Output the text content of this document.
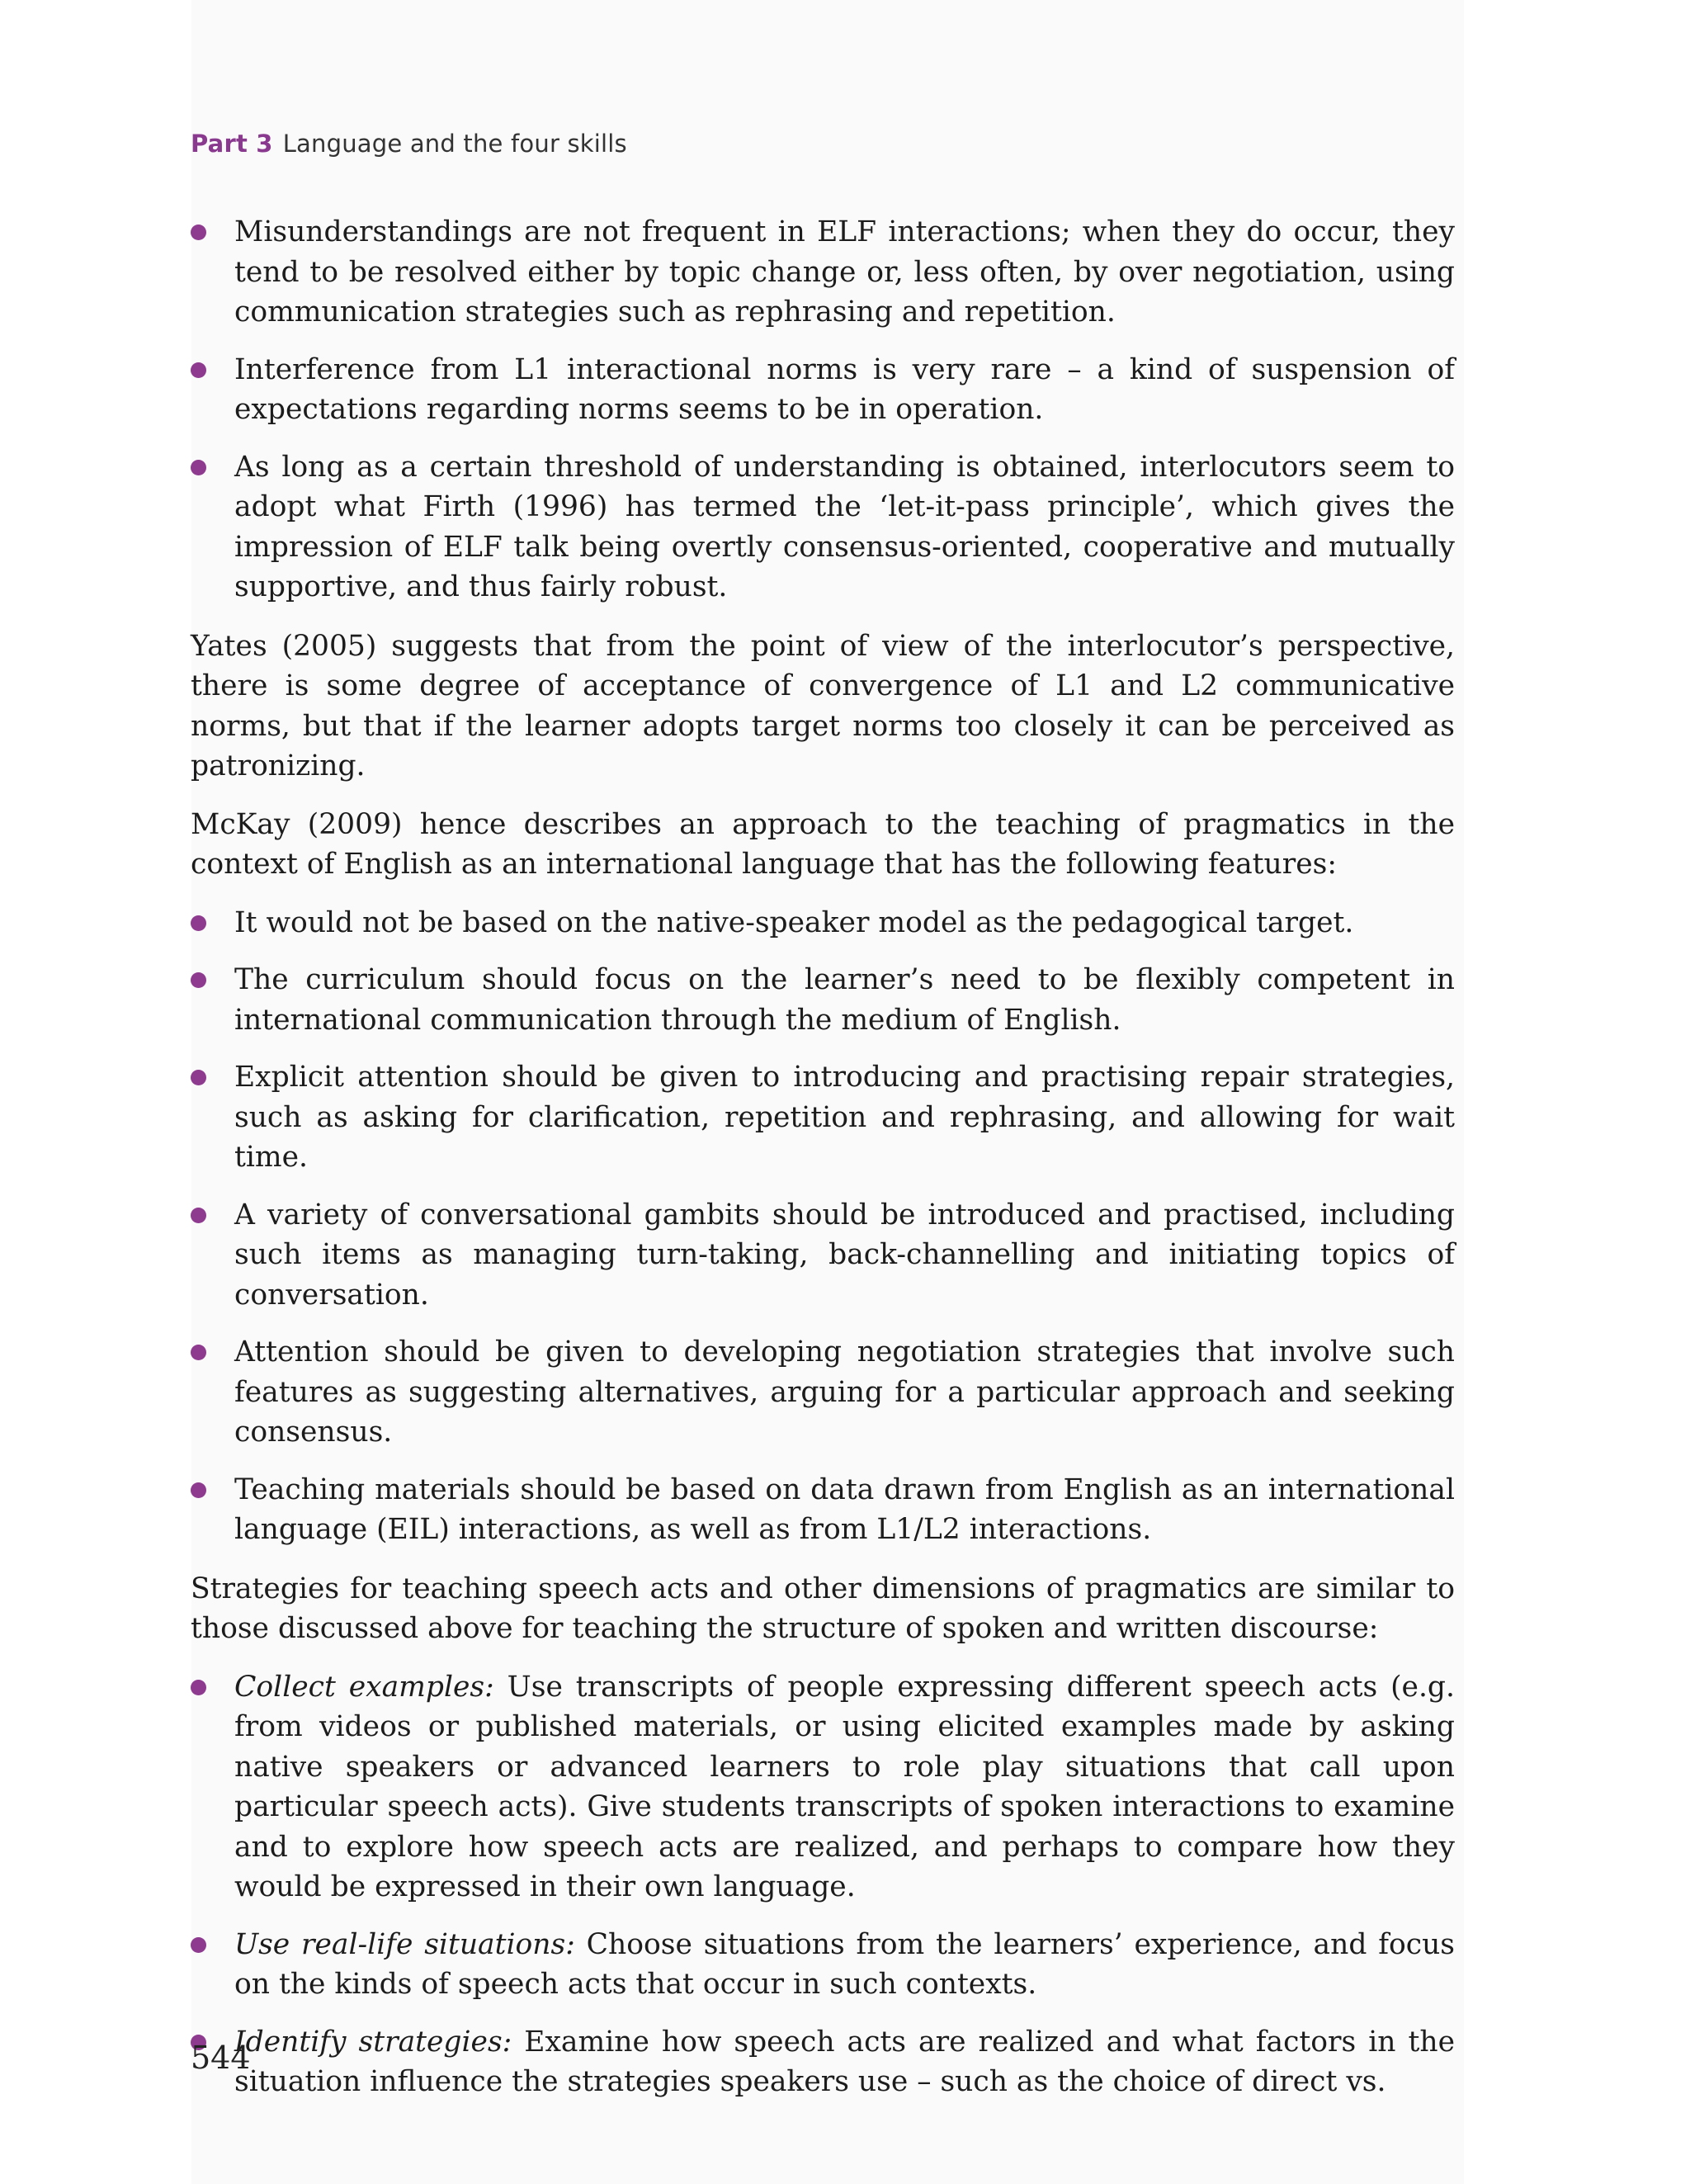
Part 3 Language and the four skills
Misunderstandings are not frequent in ELF interactions; when they do occur, they tend to be resolved either by topic change or, less often, by over negotiation, using communication strategies such as rephrasing and repetition.
Interference from L1 interactional norms is very rare – a kind of suspension of expectations regarding norms seems to be in operation.
As long as a certain threshold of understanding is obtained, interlocutors seem to adopt what Firth (1996) has termed the ‘let-it-pass principle’, which gives the impression of ELF talk being overtly consensus-oriented, cooperative and mutually supportive, and thus fairly robust.

Yates (2005) suggests that from the point of view of the interlocutor’s perspective, there is some degree of acceptance of convergence of L1 and L2 communicative norms, but that if the learner adopts target norms too closely it can be perceived as patronizing.

McKay (2009) hence describes an approach to the teaching of pragmatics in the context of English as an international language that has the following features:

It would not be based on the native-speaker model as the pedagogical target.
The curriculum should focus on the learner’s need to be flexibly competent in international communication through the medium of English.
Explicit attention should be given to introducing and practising repair strategies, such as asking for clarification, repetition and rephrasing, and allowing for wait time.
A variety of conversational gambits should be introduced and practised, including such items as managing turn-taking, back-channelling and initiating topics of conversation.
Attention should be given to developing negotiation strategies that involve such features as suggesting alternatives, arguing for a particular approach and seeking consensus.
Teaching materials should be based on data drawn from English as an international language (EIL) interactions, as well as from L1/L2 interactions.

Strategies for teaching speech acts and other dimensions of pragmatics are similar to those discussed above for teaching the structure of spoken and written discourse:

Collect examples: Use transcripts of people expressing different speech acts (e.g. from videos or published materials, or using elicited examples made by asking native speakers or advanced learners to role play situations that call upon particular speech acts). Give students transcripts of spoken interactions to examine and to explore how speech acts are realized, and perhaps to compare how they would be expressed in their own language.
Use real-life situations: Choose situations from the learners’ experience, and focus on the kinds of speech acts that occur in such contexts.
Identify strategies: Examine how speech acts are realized and what factors in the situation influence the strategies speakers use – such as the choice of direct vs.
544
